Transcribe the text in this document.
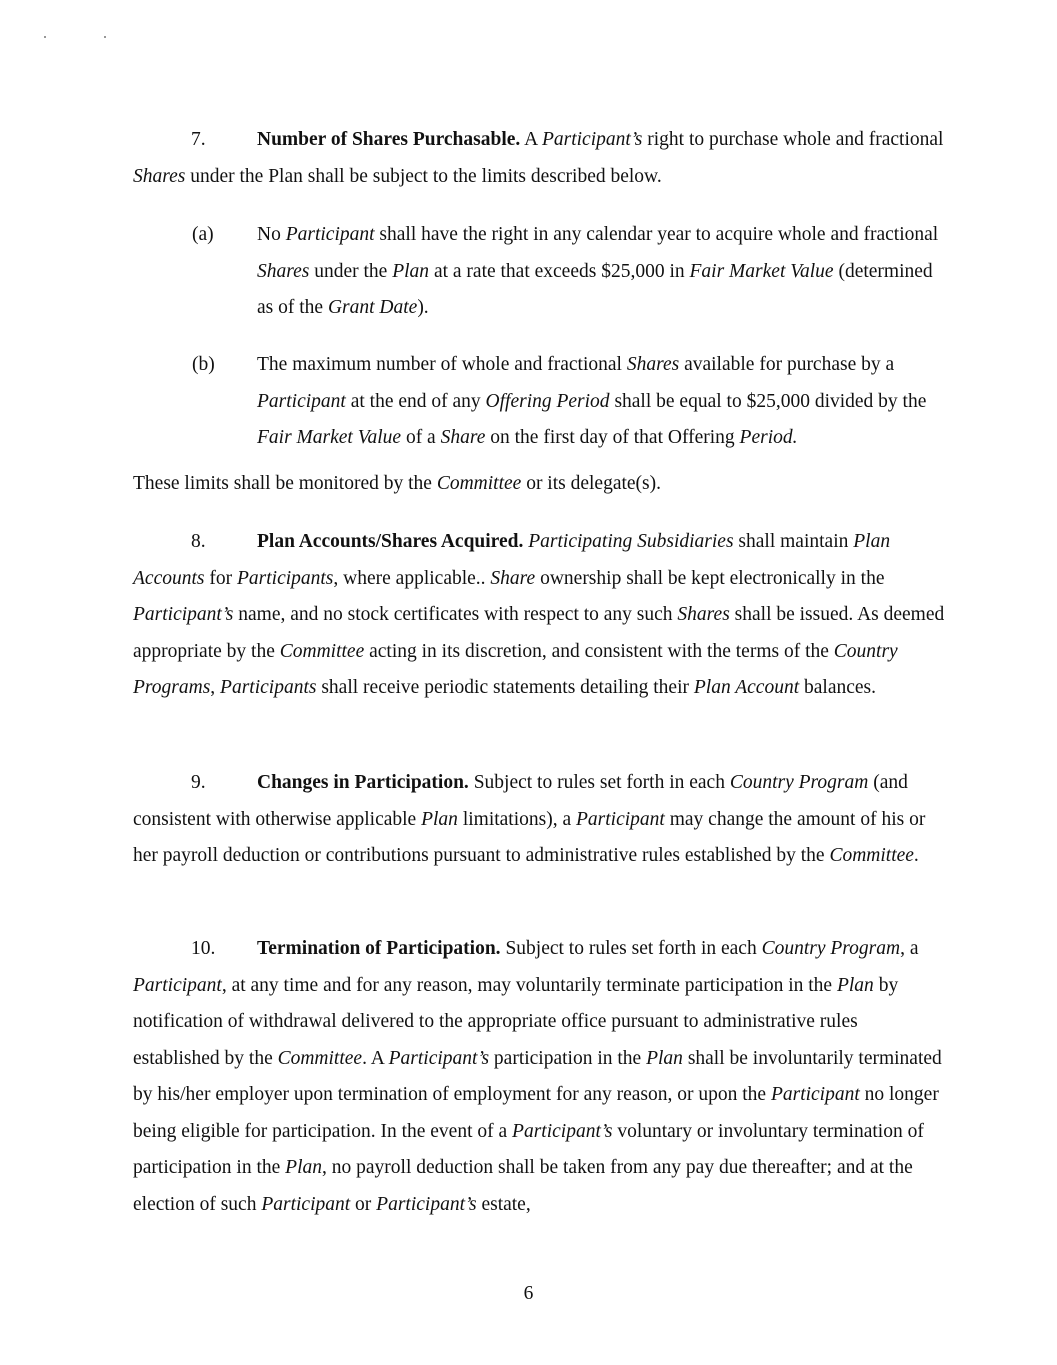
7.	Number of Shares Purchasable. A Participant’s right to purchase whole and fractional Shares under the Plan shall be subject to the limits described below.

(a) No Participant shall have the right in any calendar year to acquire whole and fractional Shares under the Plan at a rate that exceeds $25,000 in Fair Market Value (determined as of the Grant Date).
(b) The maximum number of whole and fractional Shares available for purchase by a Participant at the end of any Offering Period shall be equal to $25,000 divided by the Fair Market Value of a Share on the first day of that Offering Period.

These limits shall be monitored by the Committee or its delegate(s).

8.	Plan Accounts/Shares Acquired. Participating Subsidiaries shall maintain Plan Accounts for Participants, where applicable.. Share ownership shall be kept electronically in the Participant’s name, and no stock certificates with respect to any such Shares shall be issued. As deemed appropriate by the Committee acting in its discretion, and consistent with the terms of the Country Programs, Participants shall receive periodic statements detailing their Plan Account balances.

9.	Changes in Participation. Subject to rules set forth in each Country Program (and consistent with otherwise applicable Plan limitations), a Participant may change the amount of his or her payroll deduction or contributions pursuant to administrative rules established by the Committee.

10. Termination of Participation. Subject to rules set forth in each Country Program, a Participant, at any time and for any reason, may voluntarily terminate participation in the Plan by notification of withdrawal delivered to the appropriate office pursuant to administrative rules established by the Committee. A Participant’s participation in the Plan shall be involuntarily terminated by his/her employer upon termination of employment for any reason, or upon the Participant no longer being eligible for participation. In the event of a Participant’s voluntary or involuntary termination of participation in the Plan, no payroll deduction shall be taken from any pay due thereafter; and at the election of such Participant or Participant’s estate,

6
